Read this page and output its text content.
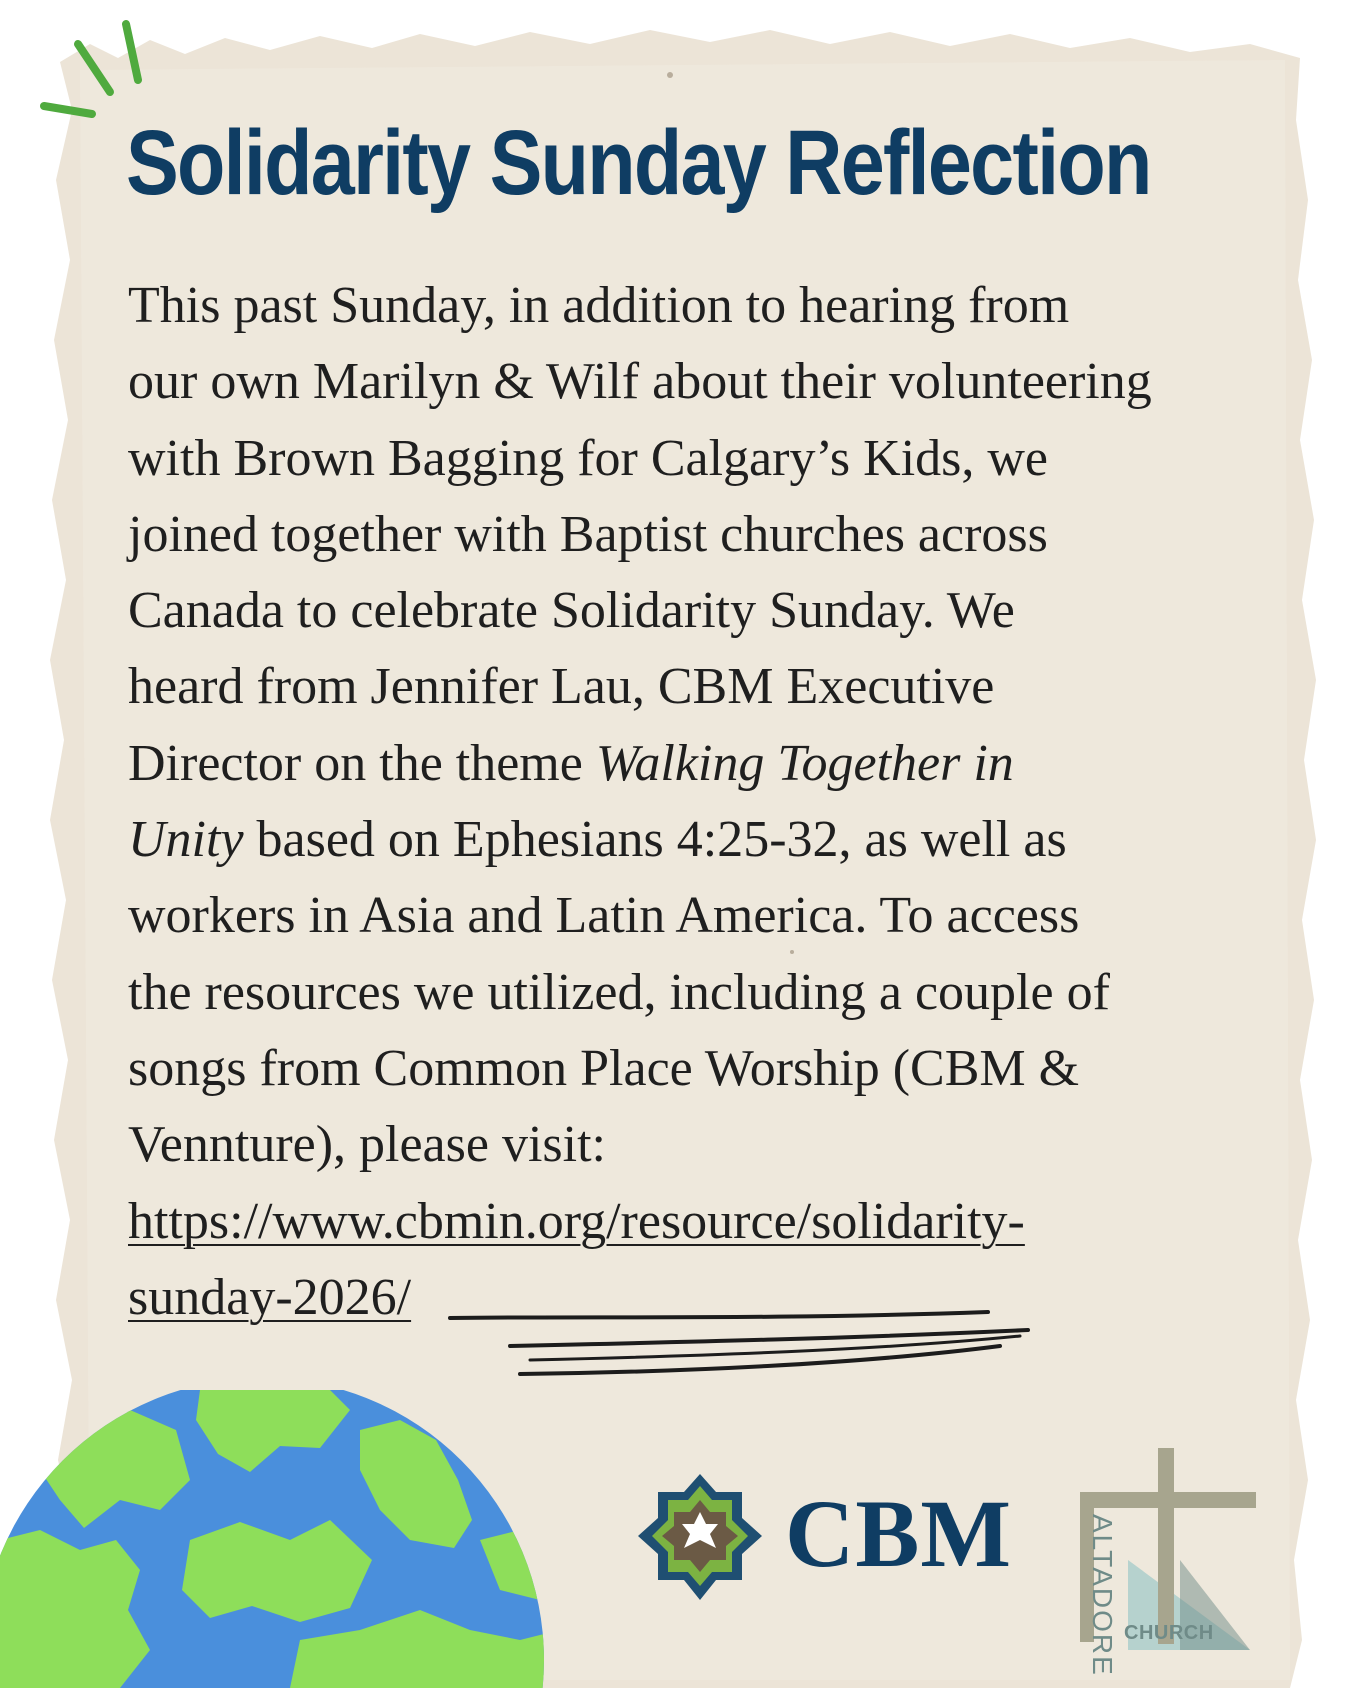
Solidarity Sunday Reflection

This past Sunday, in addition to hearing from

our own Marilyn & Wilf about their volunteering

with Brown Bagging for Calgary’s Kids, we

joined together with Baptist churches across

Canada to celebrate Solidarity Sunday. We

heard from Jennifer Lau, CBM Executive

Director on the theme Walking Together in

Unity based on Ephesians 4:25-32, as well as

workers in Asia and Latin America. To access

the resources we utilized, including a couple of

songs from Common Place Worship (CBM &

Vennture), please visit:

https://www.cbmin.org/resource/solidarity-

sunday-2026/

CBM	ALTADORE CHURCH
